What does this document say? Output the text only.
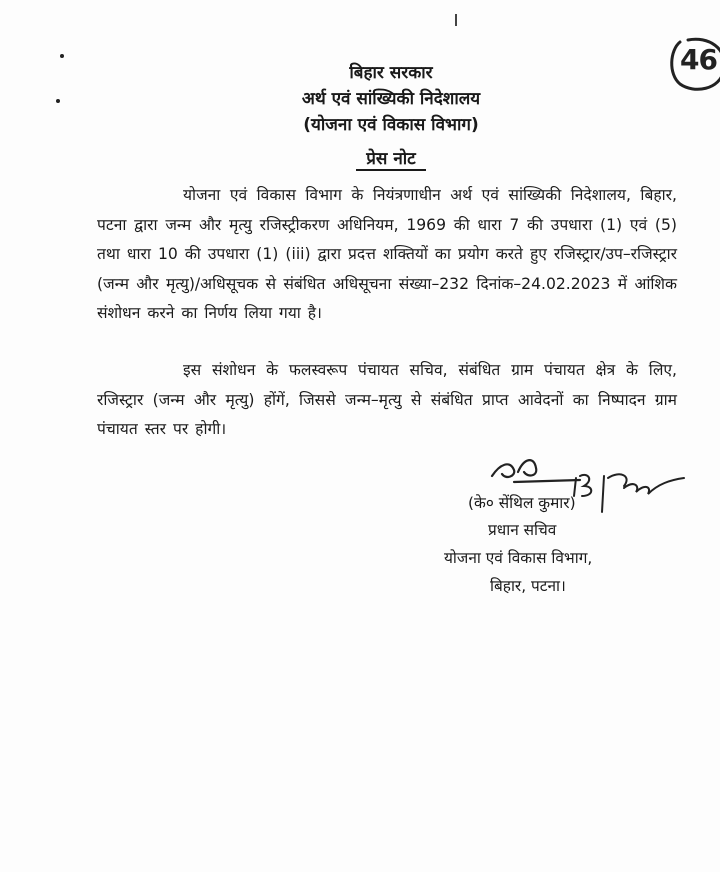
46
बिहार सरकार
अर्थ एवं सांख्यिकी निदेशालय
(योजना एवं विकास विभाग)
प्रेस नोट
योजना एवं विकास विभाग के नियंत्रणाधीन अर्थ एवं सांख्यिकी निदेशालय, बिहार, पटना द्वारा जन्म और मृत्यु रजिस्ट्रीकरण अधिनियम, 1969 की धारा 7 की उपधारा (1) एवं (5) तथा धारा 10 की उपधारा (1) (iii) द्वारा प्रदत्त शक्तियों का प्रयोग करते हुए रजिस्ट्रार/उप–रजिस्ट्रार (जन्म और मृत्यु)/अधिसूचक से संबंधित अधिसूचना संख्या–232 दिनांक–24.02.2023 में आंशिक संशोधन करने का निर्णय लिया गया है।
इस संशोधन के फलस्वरूप पंचायत सचिव, संबंधित ग्राम पंचायत क्षेत्र के लिए, रजिस्ट्रार (जन्म और मृत्यु) होंगें, जिससे जन्म–मृत्यु से संबंधित प्राप्त आवेदनों का निष्पादन ग्राम पंचायत स्तर पर होगी।
(के० सेंथिल कुमार)
प्रधान सचिव
योजना एवं विकास विभाग,
बिहार, पटना।
